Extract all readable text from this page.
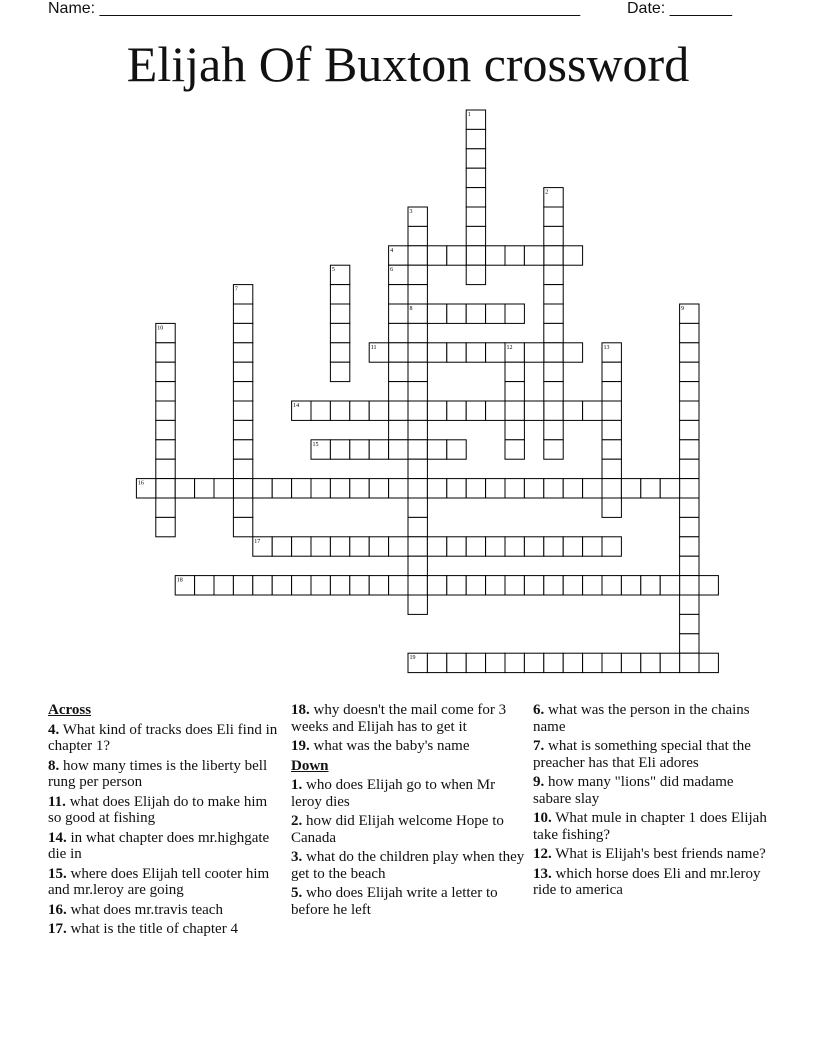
Name: ______________________________________________________	Date: _______
Elijah Of Buxton crossword
1
2
3
4
5	6
7
8	9
10
11	12	13
14
15
16
17
18
19
Across
4. What kind of tracks does Eli find in chapter 1?
8. how many times is the liberty bell rung per person
11. what does Elijah do to make him so good at fishing
14. in what chapter does mr.highgate die in
15. where does Elijah tell cooter him and mr.leroy are going
16. what does mr.travis teach
17. what is the title of chapter 4
18. why doesn't the mail come for 3 weeks and Elijah has to get it
19. what was the baby's name
Down
1. who does Elijah go to when Mr leroy dies
2. how did Elijah welcome Hope to Canada
3. what do the children play when they get to the beach
5. who does Elijah write a letter to before he left
6. what was the person in the chains name
7. what is something special that the preacher has that Eli adores
9. how many "lions" did madame sabare slay
10. What mule in chapter 1 does Elijah take fishing?
12. What is Elijah's best friends name?
13. which horse does Eli and mr.leroy ride to america
